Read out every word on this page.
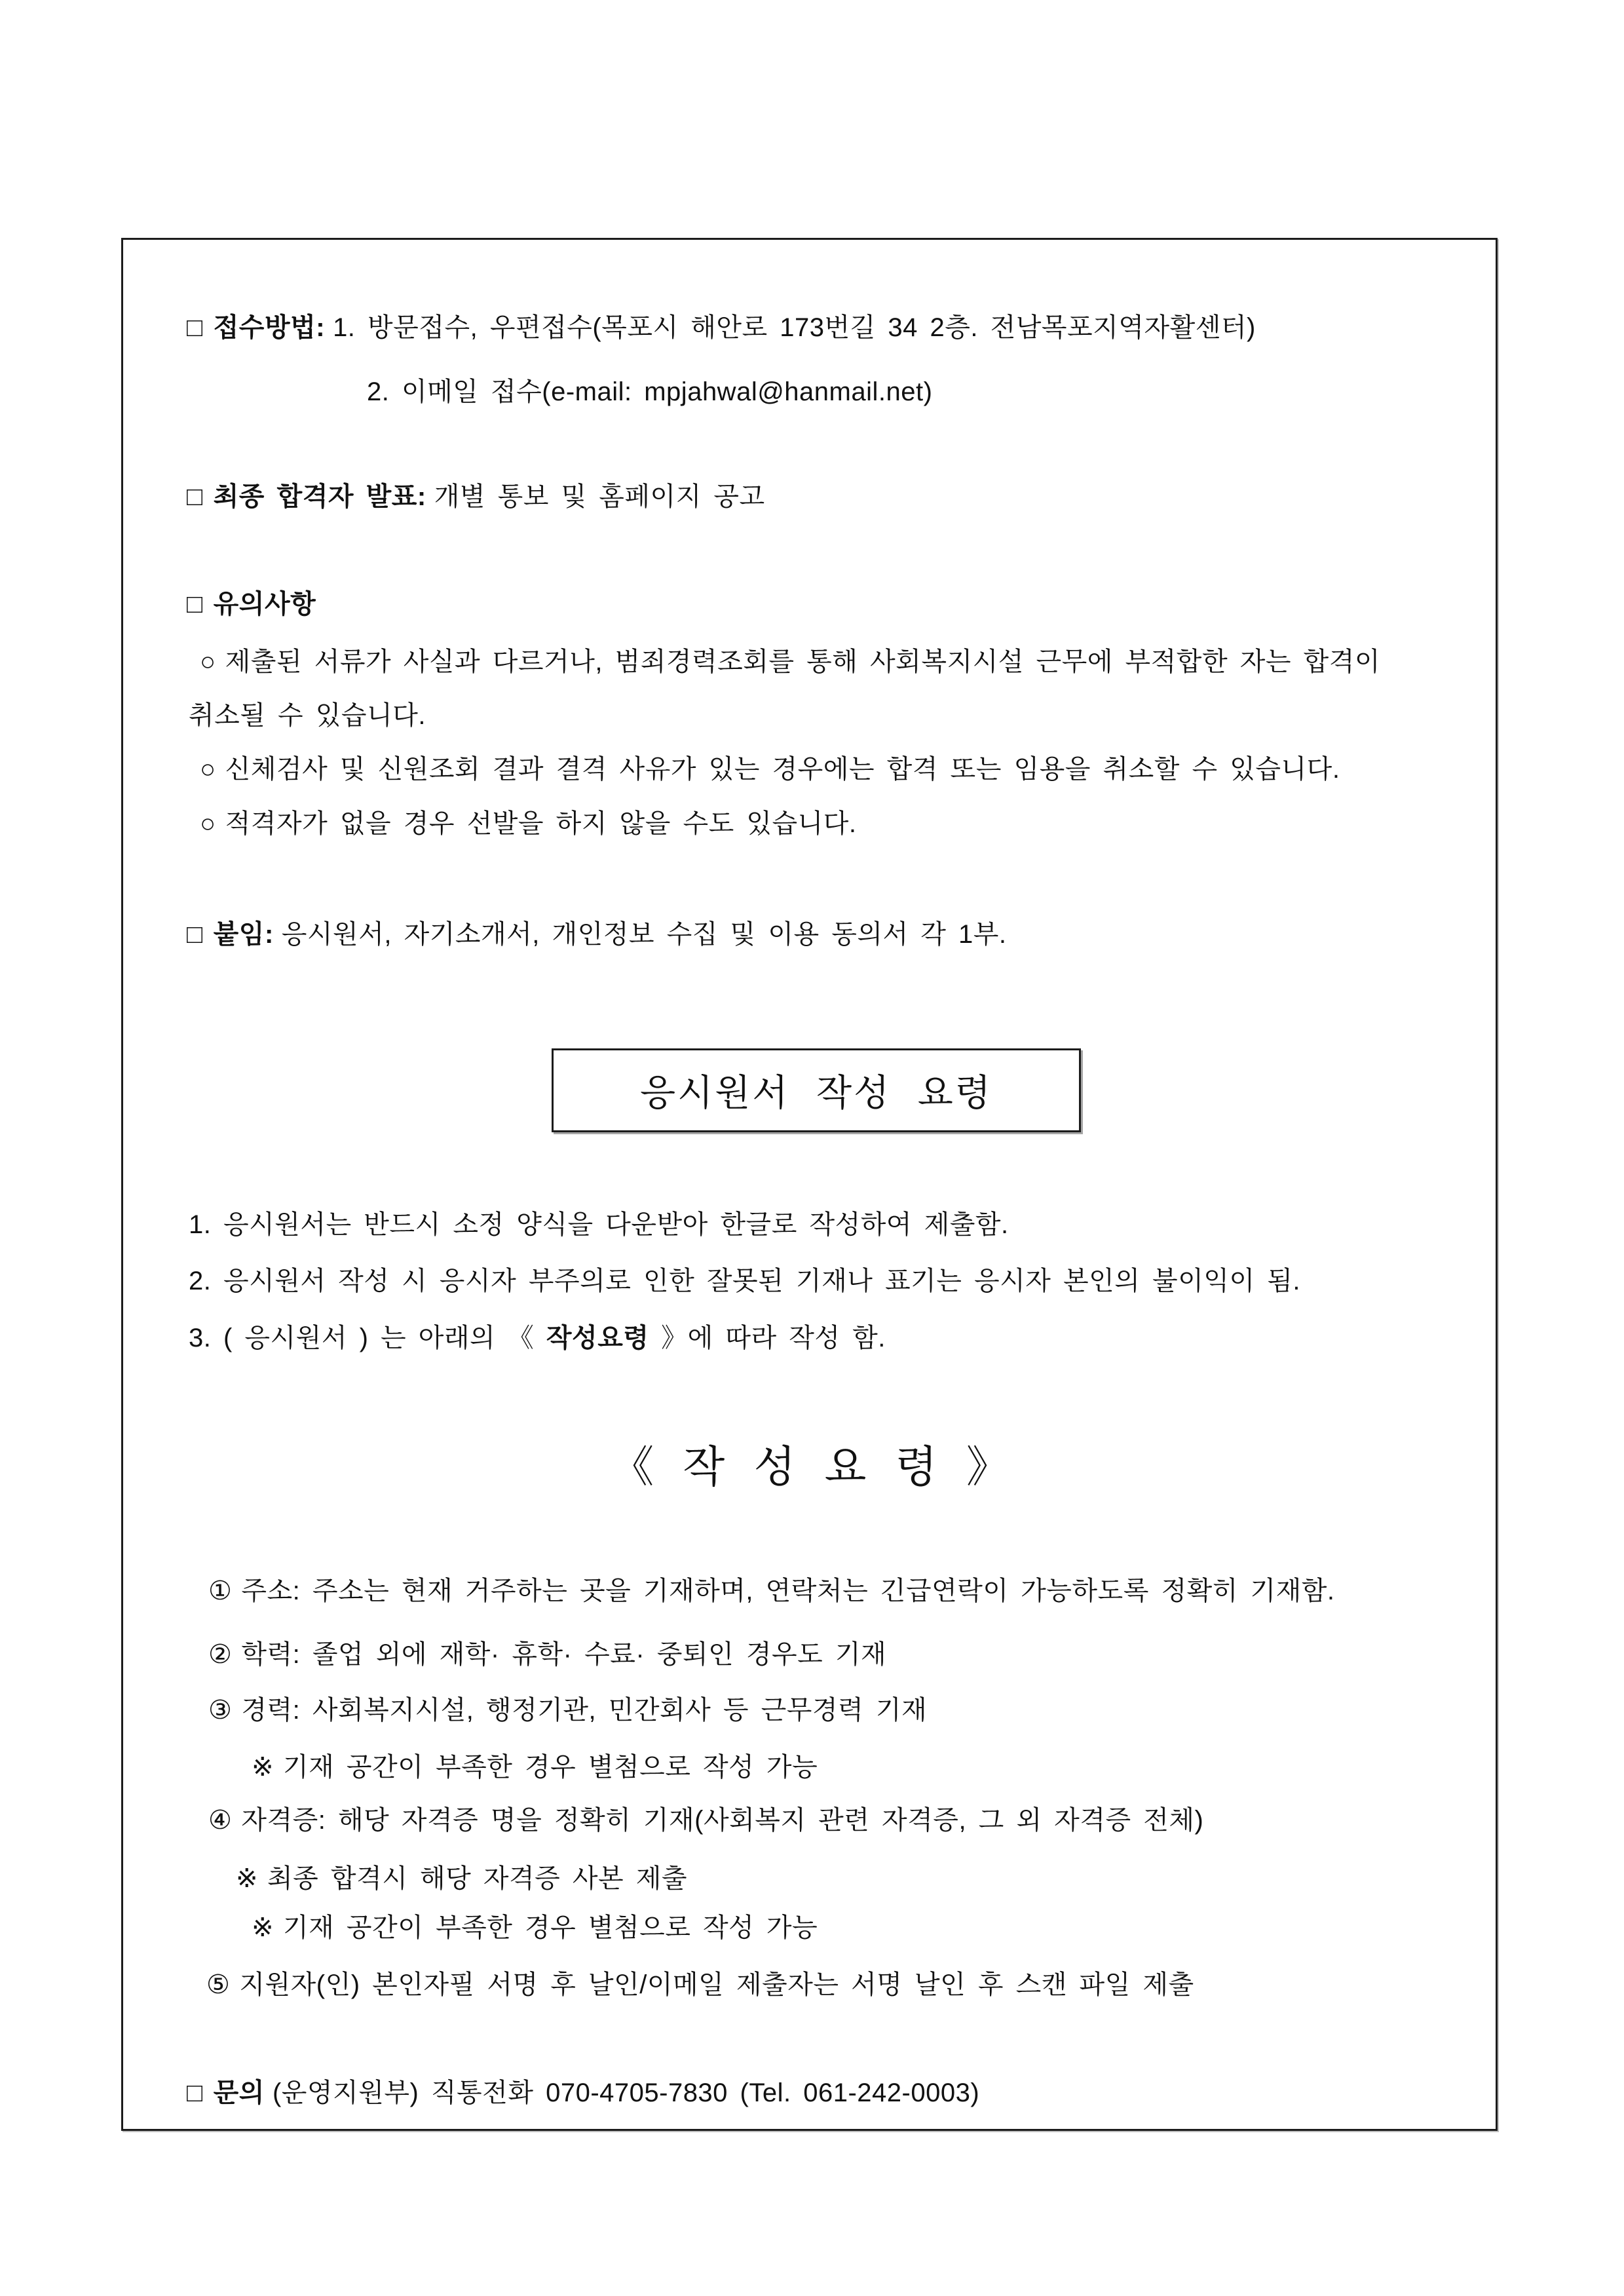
□ 접수방법: 1. 방문접수, 우편접수(목포시 해안로 173번길 34 2층. 전남목포지역자활센터)
2. 이메일 접수(e-mail: mpjahwal@hanmail.net)
□ 최종 합격자 발표: 개별 통보 및 홈페이지 공고
□ 유의사항
○ 제출된 서류가 사실과 다르거나, 범죄경력조회를 통해 사회복지시설 근무에 부적합한 자는 합격이
취소될 수 있습니다.
○ 신체검사 및 신원조회 결과 결격 사유가 있는 경우에는 합격 또는 임용을 취소할 수 있습니다.
○ 적격자가 없을 경우 선발을 하지 않을 수도 있습니다.
□ 붙임: 응시원서, 자기소개서, 개인정보 수집 및 이용 동의서 각 1부.
응시원서 작성 요령
1. 응시원서는 반드시 소정 양식을 다운받아 한글로 작성하여 제출함.
2. 응시원서 작성 시 응시자 부주의로 인한 잘못된 기재나 표기는 응시자 본인의 불이익이 됨.
3. ( 응시원서 ) 는 아래의 《 작성요령 》에 따라 작성 함.
《 작 성 요 령 》
① 주소: 주소는 현재 거주하는 곳을 기재하며, 연락처는 긴급연락이 가능하도록 정확히 기재함.
② 학력: 졸업 외에 재학· 휴학· 수료· 중퇴인 경우도 기재
③ 경력: 사회복지시설, 행정기관, 민간회사 등 근무경력 기재
※ 기재 공간이 부족한 경우 별첨으로 작성 가능
④ 자격증: 해당 자격증 명을 정확히 기재(사회복지 관련 자격증, 그 외 자격증 전체)
※ 최종 합격시 해당 자격증 사본 제출
※ 기재 공간이 부족한 경우 별첨으로 작성 가능
⑤ 지원자(인) 본인자필 서명 후 날인/이메일 제출자는 서명 날인 후 스캔 파일 제출
□ 문의 (운영지원부) 직통전화 070-4705-7830 (Tel. 061-242-0003)
